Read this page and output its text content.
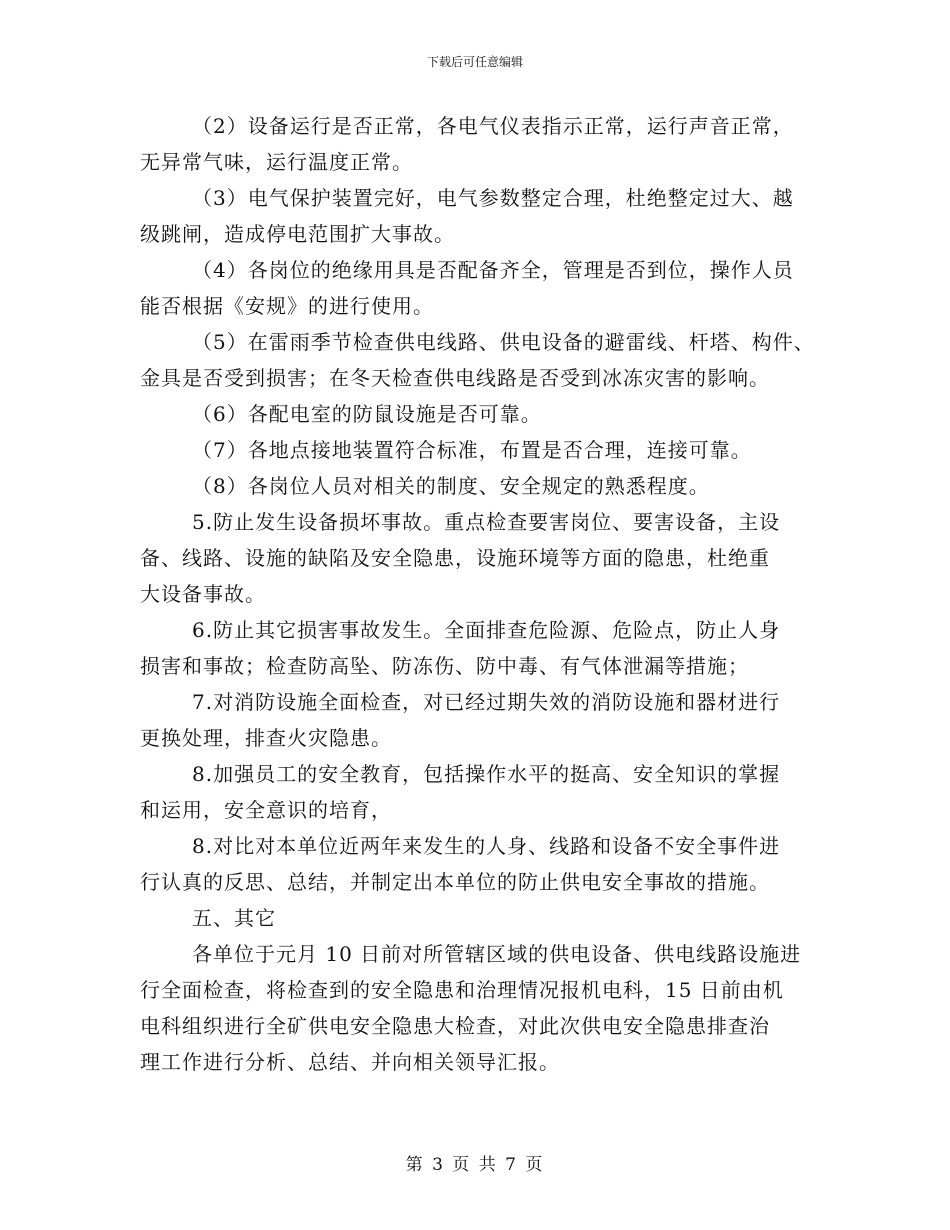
下载后可任意编辑
（2）设备运行是否正常，各电气仪表指示正常，运行声音正常，
无异常气味，运行温度正常。
（3）电气保护装置完好，电气参数整定合理，杜绝整定过大、越
级跳闸，造成停电范围扩大事故。
（4）各岗位的绝缘用具是否配备齐全，管理是否到位，操作人员
能否根据《安规》的进行使用。
（5）在雷雨季节检查供电线路、供电设备的避雷线、杆塔、构件、
金具是否受到损害；在冬天检查供电线路是否受到冰冻灾害的影响。
（6）各配电室的防鼠设施是否可靠。
（7）各地点接地装置符合标准，布置是否合理，连接可靠。
（8）各岗位人员对相关的制度、安全规定的熟悉程度。
5.防止发生设备损坏事故。重点检查要害岗位、要害设备，主设
备、线路、设施的缺陷及安全隐患，设施环境等方面的隐患，杜绝重
大设备事故。
6.防止其它损害事故发生。全面排查危险源、危险点，防止人身
损害和事故；检查防高坠、防冻伤、防中毒、有气体泄漏等措施；
7.对消防设施全面检查，对已经过期失效的消防设施和器材进行
更换处理，排查火灾隐患。
8.加强员工的安全教育，包括操作水平的挺高、安全知识的掌握
和运用，安全意识的培育，
8.对比对本单位近两年来发生的人身、线路和设备不安全事件进
行认真的反思、总结，并制定出本单位的防止供电安全事故的措施。
五、其它
各单位于元月 10 日前对所管辖区域的供电设备、供电线路设施进
行全面检查，将检查到的安全隐患和治理情况报机电科，15 日前由机
电科组织进行全矿供电安全隐患大检查，对此次供电安全隐患排查治
理工作进行分析、总结、并向相关领导汇报。
第 3 页 共 7 页
